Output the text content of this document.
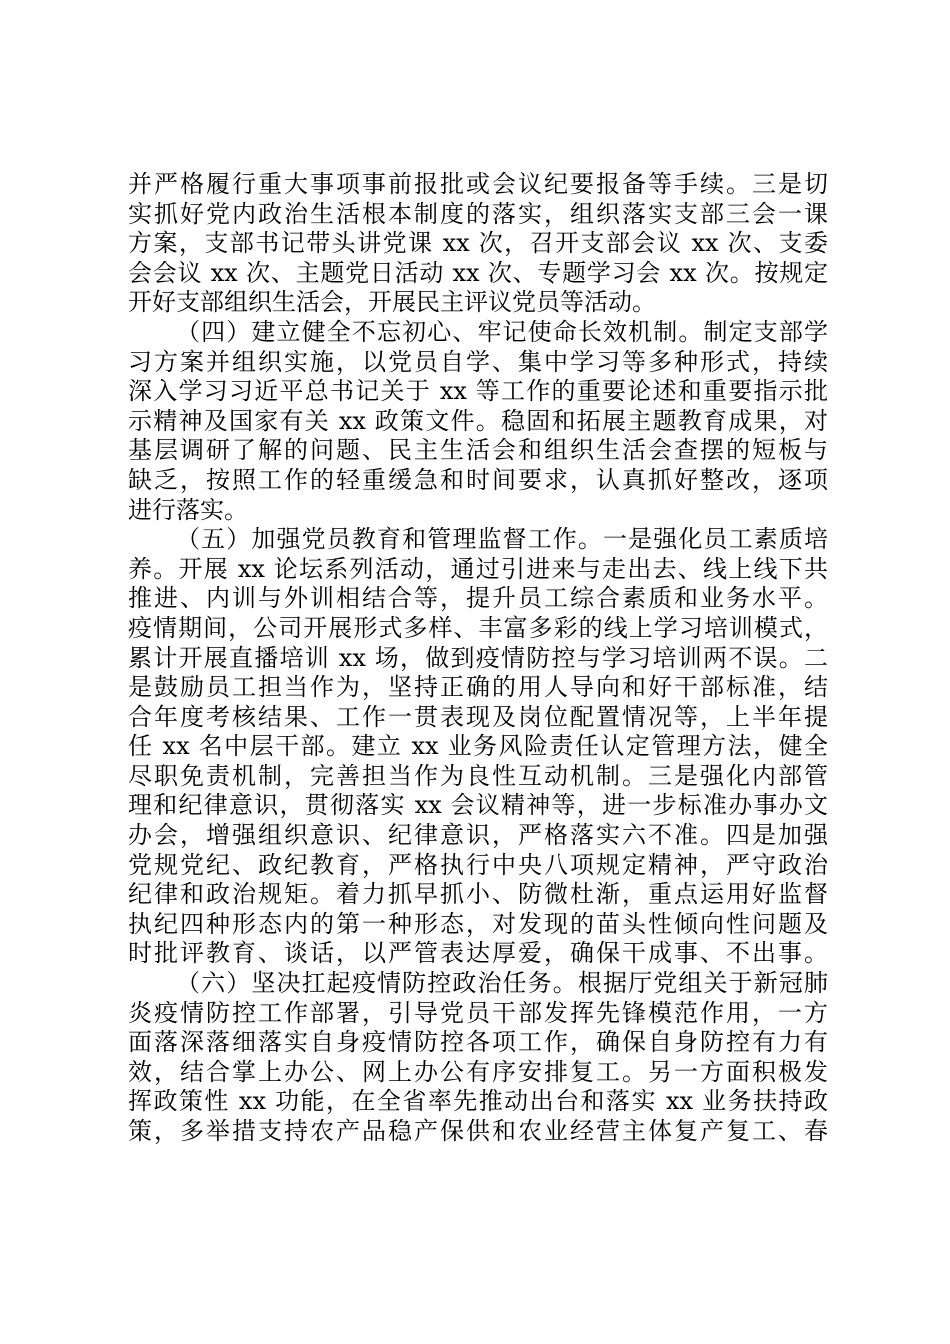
并严格履行重大事项事前报批或会议纪要报备等手续。三是切
实抓好党内政治生活根本制度的落实，组织落实支部三会一课
方案，支部书记带头讲党课 xx 次，召开支部会议 xx 次、支委
会会议 xx 次、主题党日活动 xx 次、专题学习会 xx 次。按规定
开好支部组织生活会，开展民主评议党员等活动。
（四）建立健全不忘初心、牢记使命长效机制。制定支部学
习方案并组织实施，以党员自学、集中学习等多种形式，持续
深入学习习近平总书记关于 xx 等工作的重要论述和重要指示批
示精神及国家有关 xx 政策文件。稳固和拓展主题教育成果，对
基层调研了解的问题、民主生活会和组织生活会查摆的短板与
缺乏，按照工作的轻重缓急和时间要求，认真抓好整改，逐项
进行落实。
（五）加强党员教育和管理监督工作。一是强化员工素质培
养。开展 xx 论坛系列活动，通过引进来与走出去、线上线下共
推进、内训与外训相结合等，提升员工综合素质和业务水平。
疫情期间，公司开展形式多样、丰富多彩的线上学习培训模式，
累计开展直播培训 xx 场，做到疫情防控与学习培训两不误。二
是鼓励员工担当作为，坚持正确的用人导向和好干部标准，结
合年度考核结果、工作一贯表现及岗位配置情况等，上半年提
任 xx 名中层干部。建立 xx 业务风险责任认定管理方法，健全
尽职免责机制，完善担当作为良性互动机制。三是强化内部管
理和纪律意识，贯彻落实 xx 会议精神等，进一步标准办事办文
办会，增强组织意识、纪律意识，严格落实六不准。四是加强
党规党纪、政纪教育，严格执行中央八项规定精神，严守政治
纪律和政治规矩。着力抓早抓小、防微杜渐，重点运用好监督
执纪四种形态内的第一种形态，对发现的苗头性倾向性问题及
时批评教育、谈话，以严管表达厚爱，确保干成事、不出事。
（六）坚决扛起疫情防控政治任务。根据厅党组关于新冠肺
炎疫情防控工作部署，引导党员干部发挥先锋模范作用，一方
面落深落细落实自身疫情防控各项工作，确保自身防控有力有
效，结合掌上办公、网上办公有序安排复工。另一方面积极发
挥政策性 xx 功能，在全省率先推动出台和落实 xx 业务扶持政
策，多举措支持农产品稳产保供和农业经营主体复产复工、春
